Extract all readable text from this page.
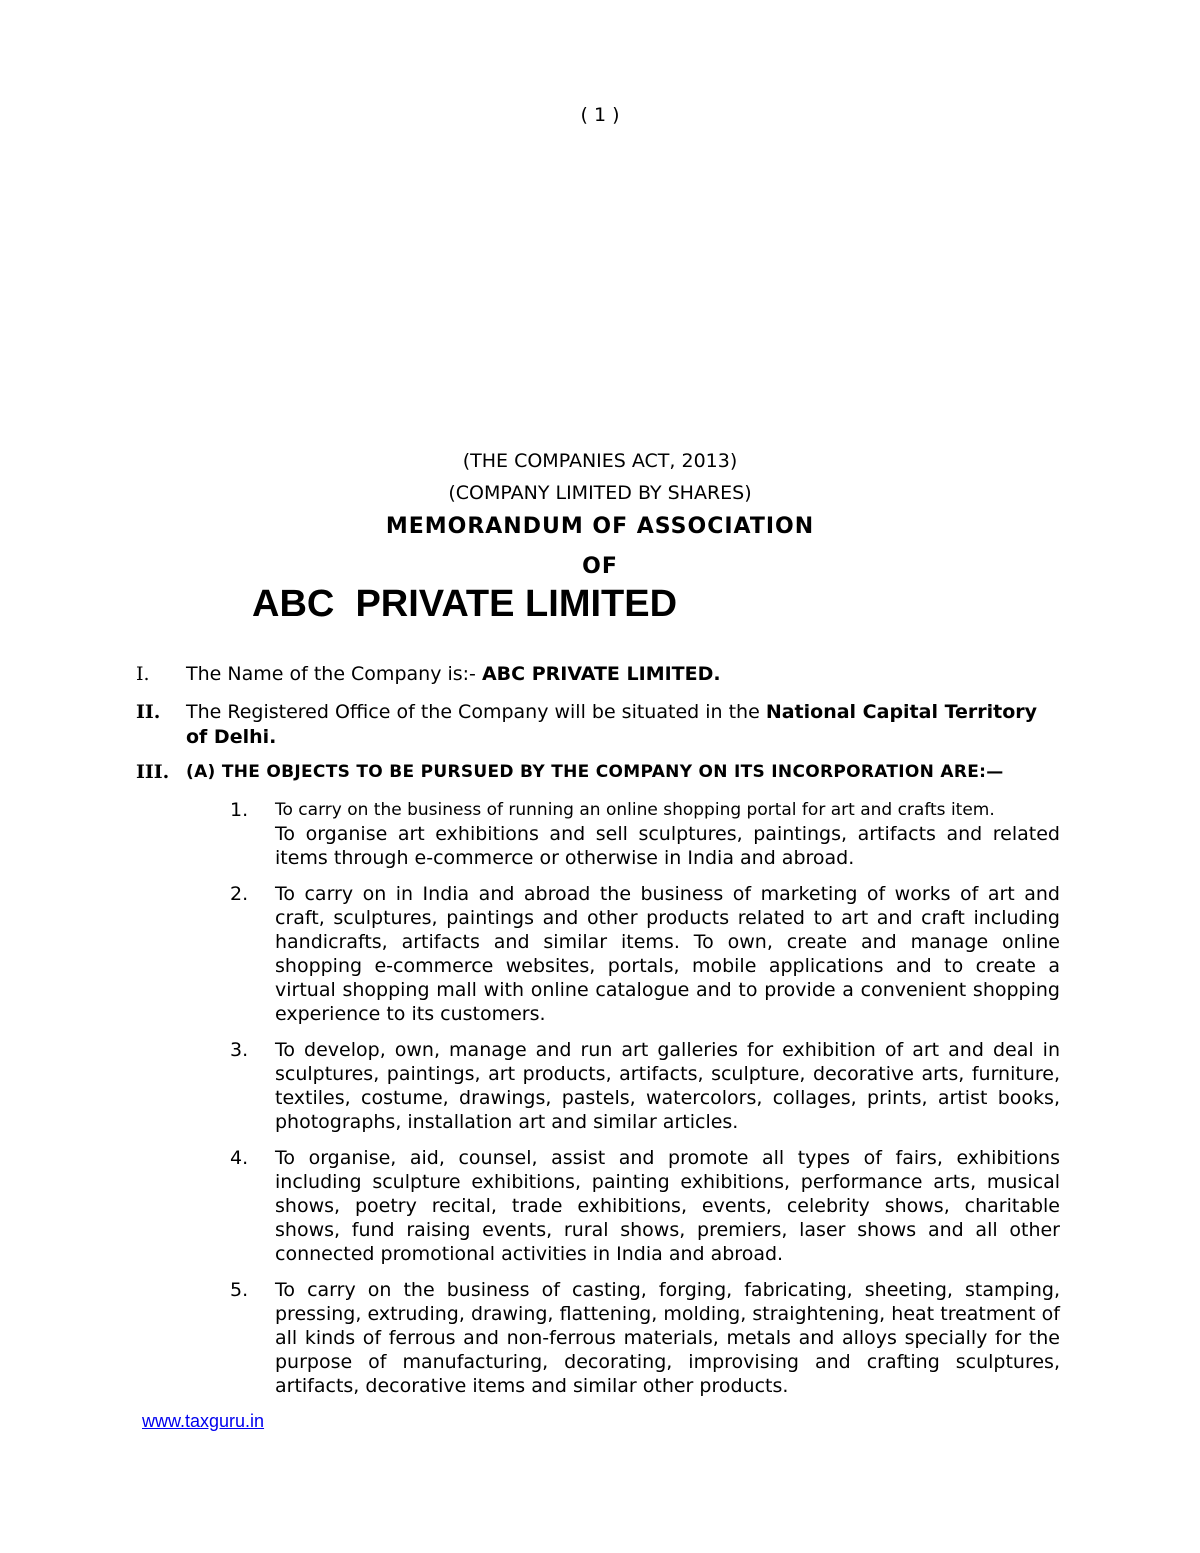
( 1 )
(THE COMPANIES ACT, 2013)
(COMPANY LIMITED BY SHARES)
MEMORANDUM OF ASSOCIATION
OF
ABC  PRIVATE LIMITED
I. The Name of the Company is:- ABC PRIVATE LIMITED.
II. The Registered Office of the Company will be situated in the National Capital Territory of Delhi.
III. (A) THE OBJECTS TO BE PURSUED BY THE COMPANY ON ITS INCORPORATION ARE:—
1.	To carry on the business of running an online shopping portal for art and crafts item.
To organise art exhibitions and sell sculptures, paintings, artifacts and related items through e-commerce or otherwise in India and abroad.
2.	To carry on in India and abroad the business of marketing of works of art and craft, sculptures, paintings and other products related to art and craft including handicrafts, artifacts and similar items. To own, create and manage online shopping e-commerce websites, portals, mobile applications and to create a virtual shopping mall with online catalogue and to provide a convenient shopping experience to its customers.
3.	To develop, own, manage and run art galleries for exhibition of art and deal in sculptures, paintings, art products, artifacts, sculpture, decorative arts, furniture, textiles, costume, drawings, pastels, watercolors, collages, prints, artist books, photographs, installation art and similar articles.
4.	To organise, aid, counsel, assist and promote all types of fairs, exhibitions including sculpture exhibitions, painting exhibitions, performance arts, musical shows, poetry recital, trade exhibitions, events, celebrity shows, charitable shows, fund raising events, rural shows, premiers, laser shows and all other connected promotional activities in India and abroad.
5.	To carry on the business of casting, forging, fabricating, sheeting, stamping, pressing, extruding, drawing, flattening, molding, straightening, heat treatment of all kinds of ferrous and non-ferrous materials, metals and alloys specially for the purpose of manufacturing, decorating, improvising and crafting sculptures, artifacts, decorative items and similar other products.
www.taxguru.in
